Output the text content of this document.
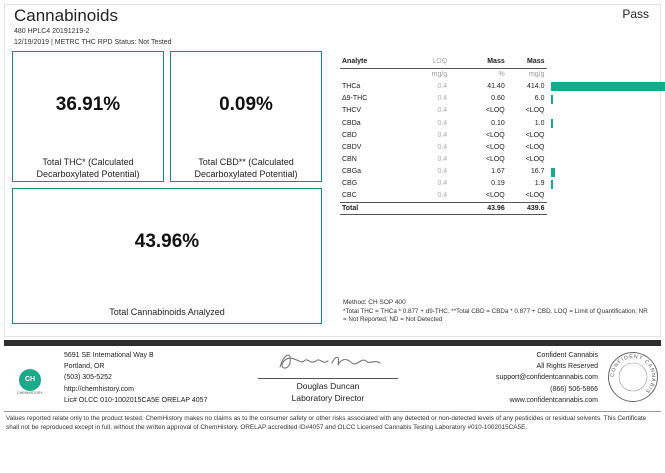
Cannabinoids
480 HPLC4 20191219-2
12/19/2019 | METRC THC RPD Status: Not Tested
Pass
36.91%
Total THC* (Calculated Decarboxylated Potential)
0.09%
Total CBD** (Calculated Decarboxylated Potential)
43.96%
Total Cannabinoids Analyzed
Analyte	LOQ	Mass	Mass	
	mg/g	%	mg/g	
THCa	0.4	41.40	414.0	

Δ9-THC	0.4	0.60	6.0	

THCV	0.4	<LOQ	<LOQ	
CBDa	0.4	0.10	1.0	

CBD	0.4	<LOQ	<LOQ	
CBDV	0.4	<LOQ	<LOQ	
CBN	0.4	<LOQ	<LOQ	
CBGa	0.4	1.67	16.7	

CBG	0.4	0.19	1.9	

CBC	0.4	<LOQ	<LOQ	
Total		43.96	439.6	
Method: CH SOP 400
*Total THC = THCa * 0.877 + d9-THC. **Total CBD = CBDa * 0.877 + CBD. LOQ = Limit of Quantification; NR = Not Reported; ND = Not Detected
CH
CHEMHISTORY
5691 SE International Way B
Portland, OR
(503) 305-5252
http://chemhistory.com
Lic# OLCC 010-1002015CA5E ORELAP 4057
Douglas Duncan
Laboratory Director
Confident Cannabis
All Rights Reserved
support@confidentcannabis.com
(866) 506-5866
www.confidentcannabis.com
CONFIDENT CANNABIS
Values reported relate only to the product tested. ChemHistory makes no claims as to the consumer safety or other risks associated with any detected or non-detected levels of any pesticides or residual solvents. This Certificate shall not be reproduced except in full, without the written approval of ChemHistory. ORELAP accredited ID#4057 and OLCC Licensed Cannabis Testing Laboratory #010-1002015CA5E.
